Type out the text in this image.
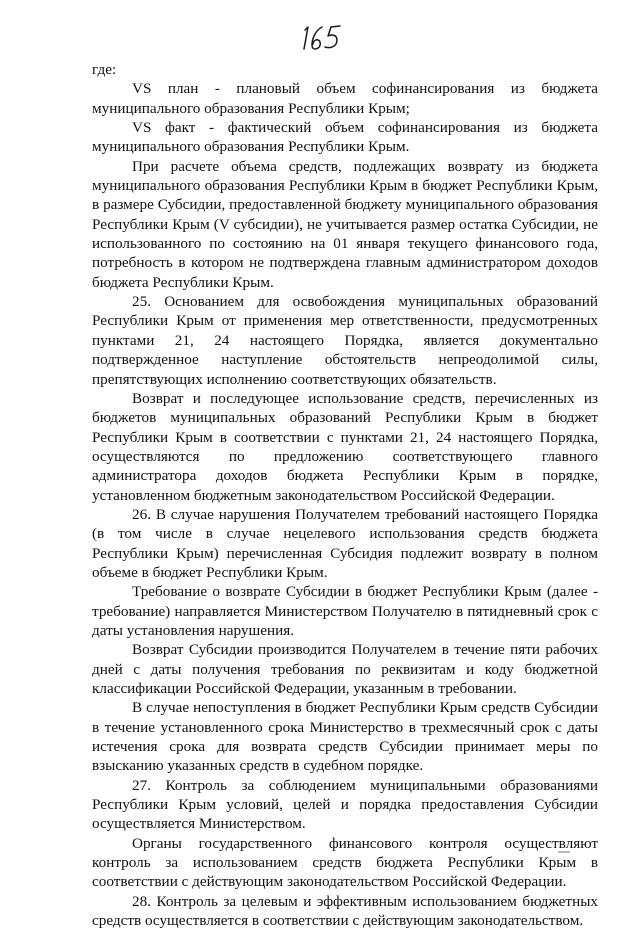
где:

VS план - плановый объем софинансирования из бюджета муниципального образования Республики Крым;

VS факт - фактический объем софинансирования из бюджета муниципального образования Республики Крым.

При расчете объема средств, подлежащих возврату из бюджета муниципального образования Республики Крым в бюджет Республики Крым, в размере Субсидии, предоставленной бюджету муниципального образования Республики Крым (V субсидии), не учитывается размер остатка Субсидии, не использованного по состоянию на 01 января текущего финансового года, потребность в котором не подтверждена главным администратором доходов бюджета Республики Крым.

25. Основанием для освобождения муниципальных образований Республики Крым от применения мер ответственности, предусмотренных пунктами 21, 24 настоящего Порядка, является документально подтвержденное наступление обстоятельств непреодолимой силы, препятствующих исполнению соответствующих обязательств.

Возврат и последующее использование средств, перечисленных из бюджетов муниципальных образований Республики Крым в бюджет Республики Крым в соответствии с пунктами 21, 24 настоящего Порядка, осуществляются по предложению соответствующего главного администратора доходов бюджета Республики Крым в порядке, установленном бюджетным законодательством Российской Федерации.

26. В случае нарушения Получателем требований настоящего Порядка (в том числе в случае нецелевого использования средств бюджета Республики Крым) перечисленная Субсидия подлежит возврату в полном объеме в бюджет Республики Крым.

Требование о возврате Субсидии в бюджет Республики Крым (далее - требование) направляется Министерством Получателю в пятидневный срок с даты установления нарушения.

Возврат Субсидии производится Получателем в течение пяти рабочих дней с даты получения требования по реквизитам и коду бюджетной классификации Российской Федерации, указанным в требовании.

В случае непоступления в бюджет Республики Крым средств Субсидии в течение установленного срока Министерство в трехмесячный срок с даты истечения срока для возврата средств Субсидии принимает меры по взысканию указанных средств в судебном порядке.

27. Контроль за соблюдением муниципальными образованиями Республики Крым условий, целей и порядка предоставления Субсидии осуществляется Министерством.

Органы государственного финансового контроля осуществляют контроль за использованием средств бюджета Республики Крым в соответствии с действующим законодательством Российской Федерации.

28. Контроль за целевым и эффективным использованием бюджетных средств осуществляется в соответствии с действующим законодательством.
